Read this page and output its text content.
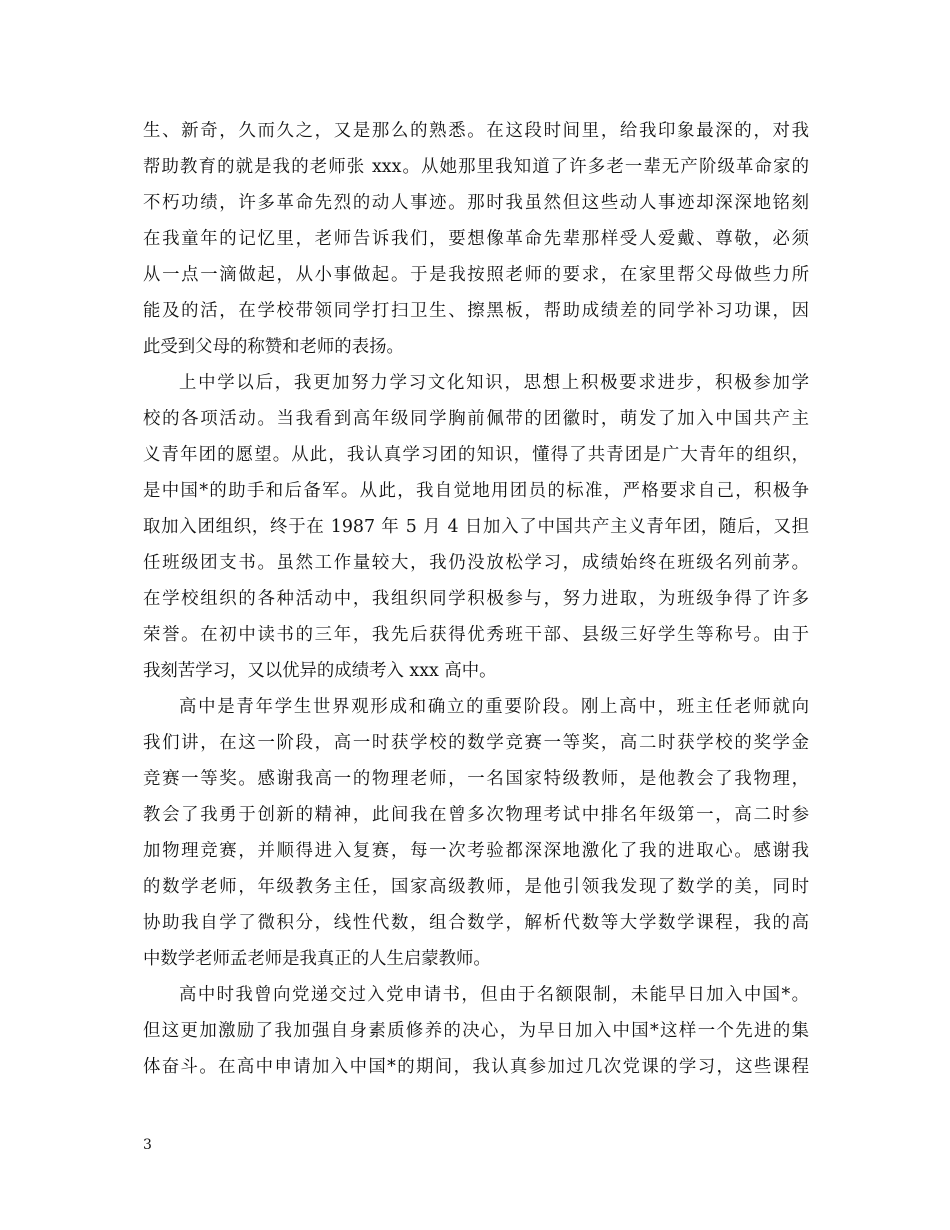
生、新奇，久而久之，又是那么的熟悉。在这段时间里，给我印象最深的，对我
帮助教育的就是我的老师张 xxx。从她那里我知道了许多老一辈无产阶级革命家的
不朽功绩，许多革命先烈的动人事迹。那时我虽然但这些动人事迹却深深地铭刻
在我童年的记忆里，老师告诉我们，要想像革命先辈那样受人爱戴、尊敬，必须
从一点一滴做起，从小事做起。于是我按照老师的要求，在家里帮父母做些力所
能及的活，在学校带领同学打扫卫生、擦黑板，帮助成绩差的同学补习功课，因
此受到父母的称赞和老师的表扬。
上中学以后，我更加努力学习文化知识，思想上积极要求进步，积极参加学
校的各项活动。当我看到高年级同学胸前佩带的团徽时，萌发了加入中国共产主
义青年团的愿望。从此，我认真学习团的知识，懂得了共青团是广大青年的组织，
是中国*的助手和后备军。从此，我自觉地用团员的标准，严格要求自己，积极争
取加入团组织，终于在 1987 年 5 月 4 日加入了中国共产主义青年团，随后，又担
任班级团支书。虽然工作量较大，我仍没放松学习，成绩始终在班级名列前茅。
在学校组织的各种活动中，我组织同学积极参与，努力进取，为班级争得了许多
荣誉。在初中读书的三年，我先后获得优秀班干部、县级三好学生等称号。由于
我刻苦学习，又以优异的成绩考入 xxx 高中。
高中是青年学生世界观形成和确立的重要阶段。刚上高中，班主任老师就向
我们讲，在这一阶段，高一时获学校的数学竞赛一等奖，高二时获学校的奖学金
竞赛一等奖。感谢我高一的物理老师，一名国家特级教师，是他教会了我物理，
教会了我勇于创新的精神，此间我在曾多次物理考试中排名年级第一，高二时参
加物理竞赛，并顺得进入复赛，每一次考验都深深地激化了我的进取心。感谢我
的数学老师，年级教务主任，国家高级教师，是他引领我发现了数学的美，同时
协助我自学了微积分，线性代数，组合数学，解析代数等大学数学课程，我的高
中数学老师孟老师是我真正的人生启蒙教师。
高中时我曾向党递交过入党申请书，但由于名额限制，未能早日加入中国*。
但这更加激励了我加强自身素质修养的决心，为早日加入中国*这样一个先进的集
体奋斗。在高中申请加入中国*的期间，我认真参加过几次党课的学习，这些课程
3
